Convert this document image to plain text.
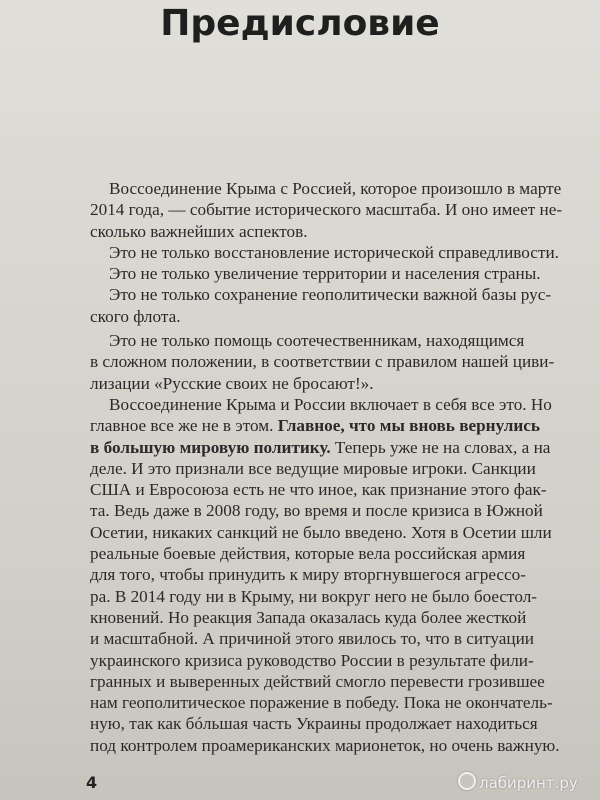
Предисловие
Воссоединение Крыма с Россией, которое произошло в марте
2014 года, — событие исторического масштаба. И оно имеет не-
сколько важнейших аспектов.
Это не только восстановление исторической справедливости.
Это не только увеличение территории и населения страны.
Это не только сохранение геополитически важной базы рус-
ского флота.
Это не только помощь соотечественникам, находящимся
в сложном положении, в соответствии с правилом нашей циви-
лизации «Русские своих не бросают!».
Воссоединение Крыма и России включает в себя все это. Но
главное все же не в этом. Главное, что мы вновь вернулись
в большую мировую политику. Теперь уже не на словах, а на
деле. И это признали все ведущие мировые игроки. Санкции
США и Евросоюза есть не что иное, как признание этого фак-
та. Ведь даже в 2008 году, во время и после кризиса в Южной
Осетии, никаких санкций не было введено. Хотя в Осетии шли
реальные боевые действия, которые вела российская армия
для того, чтобы принудить к миру вторгнувшегося агрессо-
ра. В 2014 году ни в Крыму, ни вокруг него не было боестол-
кновений. Но реакция Запада оказалась куда более жесткой
и масштабной. А причиной этого явилось то, что в ситуации
украинского кризиса руководство России в результате фили-
гранных и выверенных действий смогло перевести грозившее
нам геополитическое поражение в победу. Пока не окончатель-
ную, так как бóльшая часть Украины продолжает находиться
под контролем проамериканских марионеток, но очень важную.
4	лабиринт.ру
